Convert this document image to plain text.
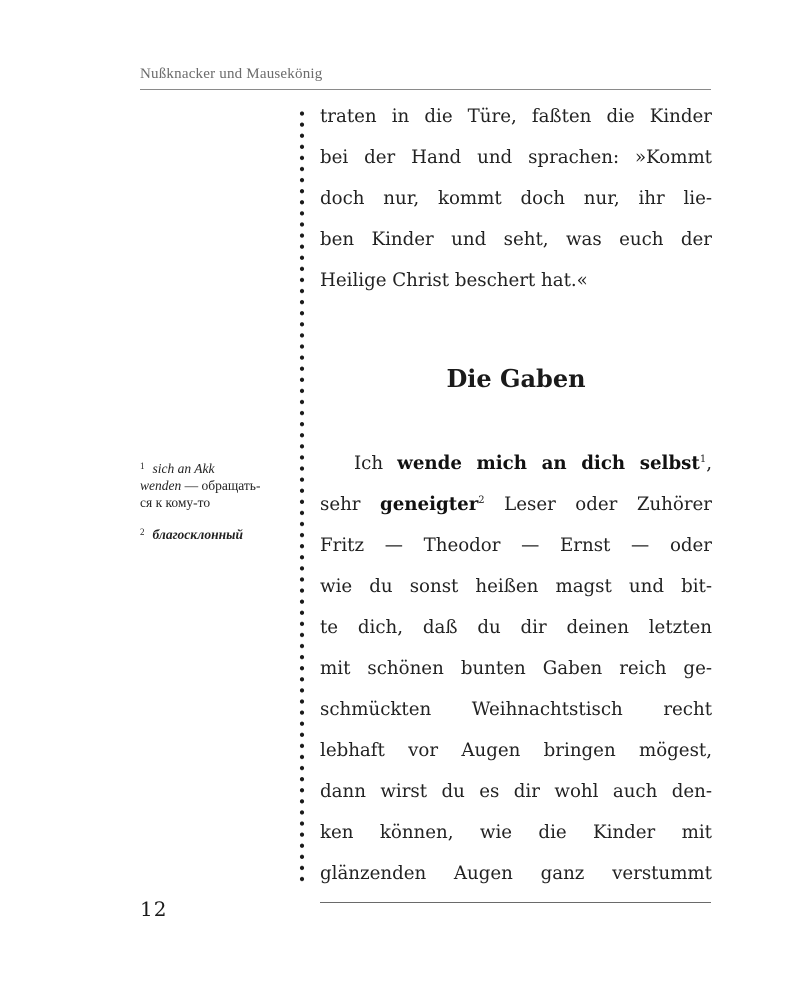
Nußknacker und Mausekönig
traten in die Türe, faßten die Kinder
bei der Hand und sprachen: »Kommt
doch nur, kommt doch nur, ihr lie-
ben Kinder und seht, was euch der
Heilige Christ beschert hat.«
Die Gaben
Ich wende mich an dich selbst$^1$,
sehr geneigter$^2$ Leser oder Zuhörer
Fritz — Theodor — Ernst — oder
wie du sonst heißen magst und bit-
te dich, daß du dir deinen letzten
mit schönen bunten Gaben reich ge-
schmückten Weihnachtstisch recht
lebhaft vor Augen bringen mögest,
dann wirst du es dir wohl auch den-
ken können, wie die Kinder mit
glänzenden Augen ganz verstummt
$^1$ sich an Akk
wenden — обращать-
ся к кому-то
$^2$ благосклонный
12
